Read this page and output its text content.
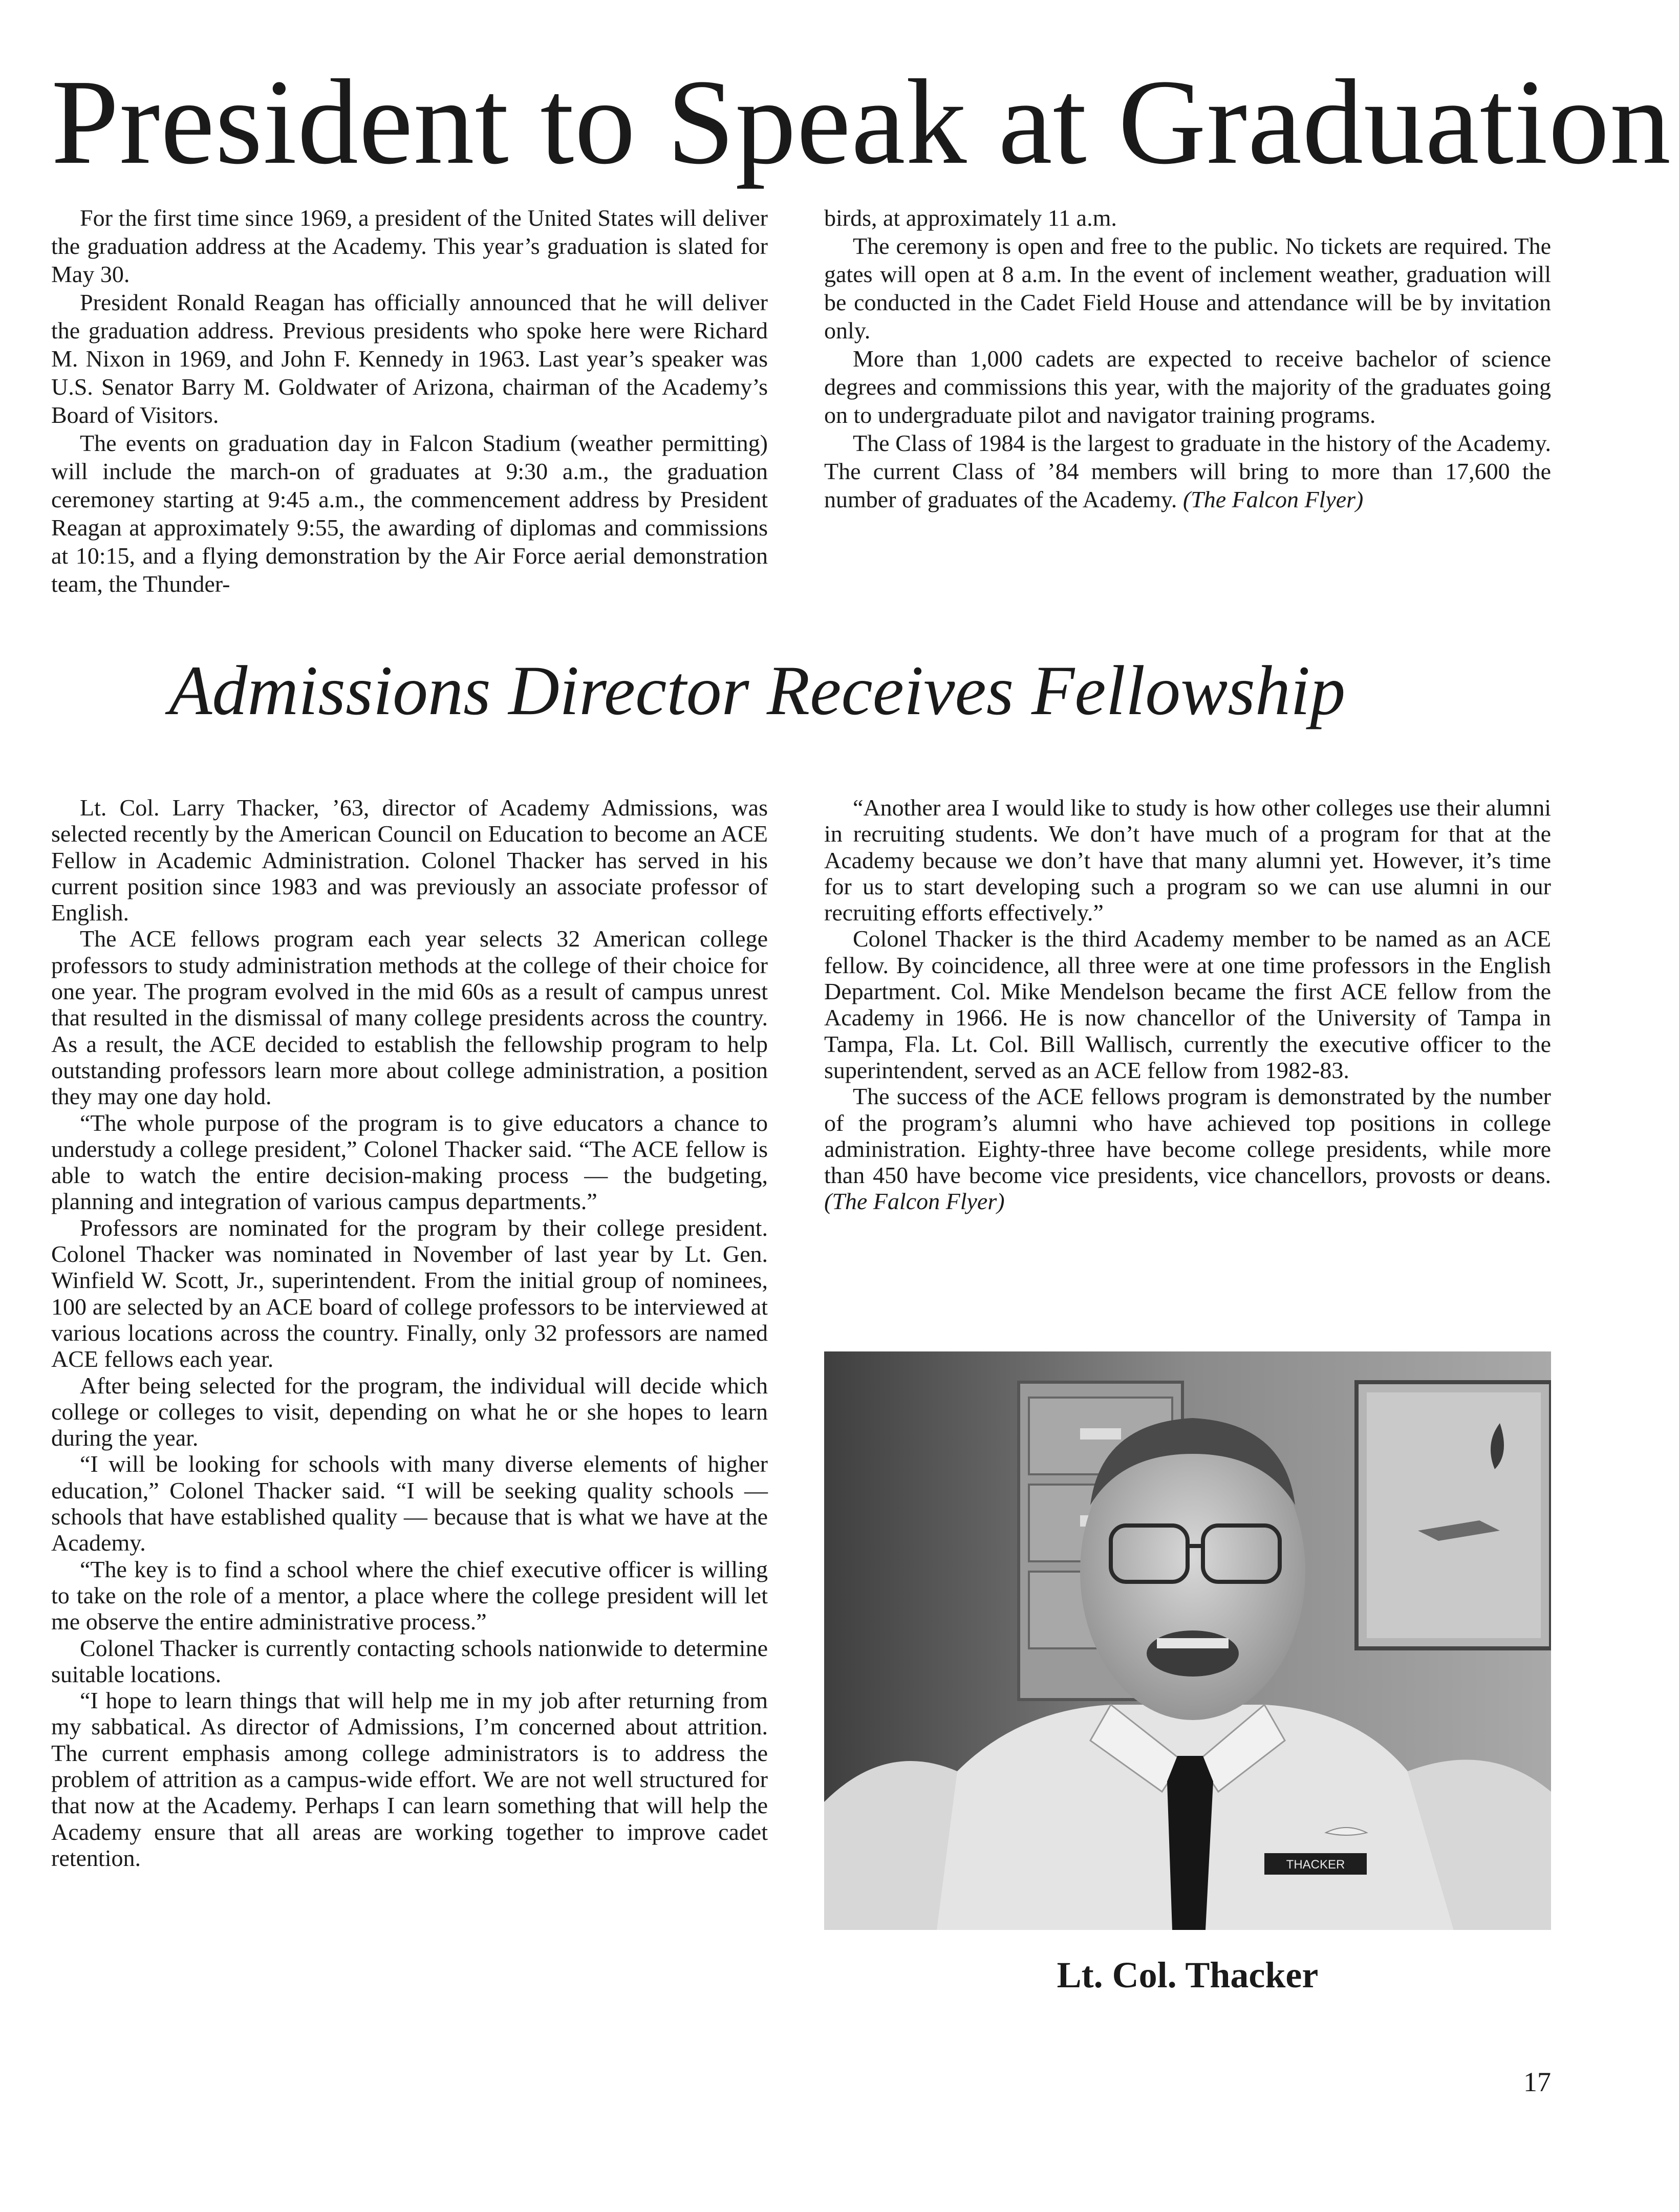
President to Speak at Graduation

For the first time since 1969, a president of the United States will deliver the graduation address at the Academy. This year’s graduation is slated for May 30.

President Ronald Reagan has officially announced that he will deliver the graduation address. Previous presidents who spoke here were Richard M. Nixon in 1969, and John F. Kennedy in 1963. Last year’s speaker was U.S. Senator Barry M. Goldwater of Arizona, chairman of the Academy’s Board of Visitors.

The events on graduation day in Falcon Stadium (weather permitting) will include the march-on of graduates at 9:30 a.m., the graduation ceremoney starting at 9:45 a.m., the commencement address by President Reagan at approximately 9:55, the awarding of diplomas and commissions at 10:15, and a flying demonstration by the Air Force aerial demonstration team, the Thunder-

birds, at approximately 11 a.m.

The ceremony is open and free to the public. No tickets are required. The gates will open at 8 a.m. In the event of inclement weather, graduation will be conducted in the Cadet Field House and attendance will be by invitation only.

More than 1,000 cadets are expected to receive bachelor of science degrees and commissions this year, with the majority of the graduates going on to undergraduate pilot and navigator training programs.

The Class of 1984 is the largest to graduate in the history of the Academy. The current Class of ’84 members will bring to more than 17,600 the number of graduates of the Academy. (The Falcon Flyer)

Admissions Director Receives Fellowship

Lt. Col. Larry Thacker, ’63, director of Academy Admissions, was selected recently by the American Council on Education to become an ACE Fellow in Academic Administration. Colonel Thacker has served in his current position since 1983 and was previously an associate professor of English.

The ACE fellows program each year selects 32 American college professors to study administration methods at the college of their choice for one year. The program evolved in the mid 60s as a result of campus unrest that resulted in the dismissal of many college presidents across the country. As a result, the ACE decided to establish the fellowship program to help outstanding professors learn more about college administration, a position they may one day hold.

“The whole purpose of the program is to give educators a chance to understudy a college president,” Colonel Thacker said. “The ACE fellow is able to watch the entire decision-making process — the budgeting, planning and integration of various campus departments.”

Professors are nominated for the program by their college president. Colonel Thacker was nominated in November of last year by Lt. Gen. Winfield W. Scott, Jr., superintendent. From the initial group of nominees, 100 are selected by an ACE board of college professors to be interviewed at various locations across the country. Finally, only 32 professors are named ACE fellows each year.

After being selected for the program, the individual will decide which college or colleges to visit, depending on what he or she hopes to learn during the year.

“I will be looking for schools with many diverse elements of higher education,” Colonel Thacker said. “I will be seeking quality schools — schools that have established quality — because that is what we have at the Academy.

“The key is to find a school where the chief executive officer is willing to take on the role of a mentor, a place where the college president will let me observe the entire administrative process.”

Colonel Thacker is currently contacting schools nationwide to determine suitable locations.

“I hope to learn things that will help me in my job after returning from my sabbatical. As director of Admissions, I’m concerned about attrition. The current emphasis among college administrators is to address the problem of attrition as a campus-wide effort. We are not well structured for that now at the Academy. Perhaps I can learn something that will help the Academy ensure that all areas are working together to improve cadet retention.

“Another area I would like to study is how other colleges use their alumni in recruiting students. We don’t have much of a program for that at the Academy because we don’t have that many alumni yet. However, it’s time for us to start developing such a program so we can use alumni in our recruiting efforts effectively.”

Colonel Thacker is the third Academy member to be named as an ACE fellow. By coincidence, all three were at one time professors in the English Department. Col. Mike Mendelson became the first ACE fellow from the Academy in 1966. He is now chancellor of the University of Tampa in Tampa, Fla. Lt. Col. Bill Wallisch, currently the executive officer to the superintendent, served as an ACE fellow from 1982-83.

The success of the ACE fellows program is demonstrated by the number of the program’s alumni who have achieved top positions in college administration. Eighty-three have become college presidents, while more than 450 have become vice presidents, vice chancellors, provosts or deans. (The Falcon Flyer)

THACKER
Lt. Col. Thacker
17
